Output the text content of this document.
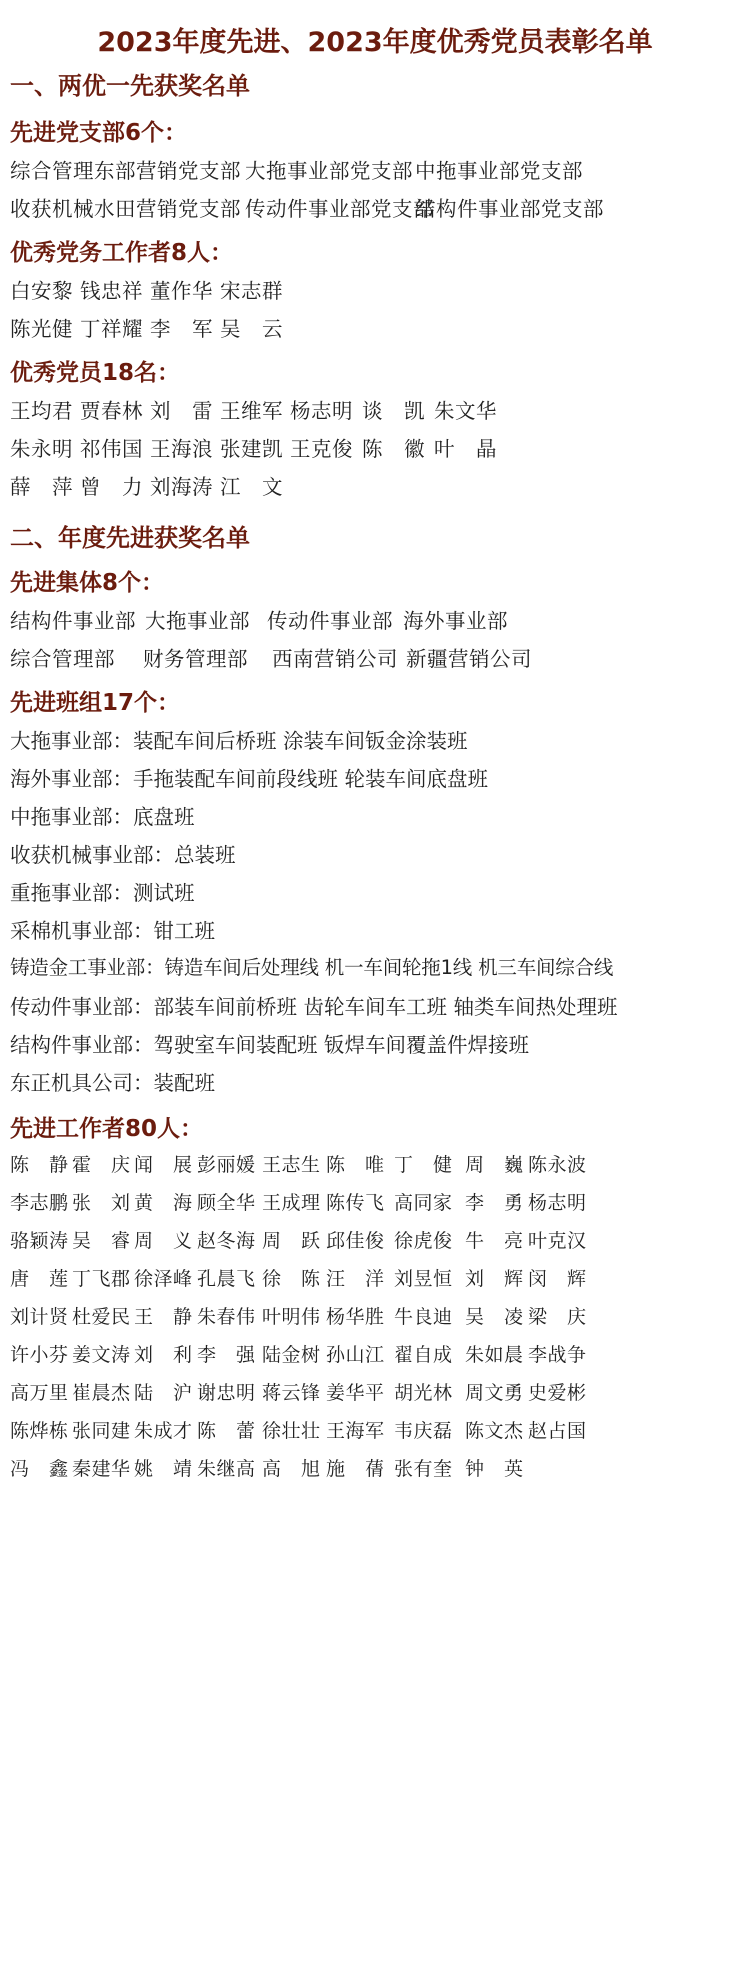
2023年度先进、2023年度优秀党员表彰名单
一、两优一先获奖名单
先进党支部6个：
综合管理东部营销党支部 大拖事业部党支部 中拖事业部党支部
收获机械水田营销党支部 传动件事业部党支部
结构件事业部党支部
优秀党务工作者8人：
白安黎 钱忠祥 董作华 宋志群
陈光健 丁祥耀 李　军 吴　云
优秀党员18名：
王均君 贾春林 刘　雷 王维军 杨志明 谈　凯 朱文华
朱永明 祁伟国 王海浪 张建凯 王克俊 陈　徽 叶　晶
薛　萍 曾　力 刘海涛 江　文
二、年度先进获奖名单
先进集体8个：
结构件事业部 大拖事业部 传动件事业部 海外事业部
综合管理部 财务管理部 西南营销公司 新疆营销公司
先进班组17个：
大拖事业部：装配车间后桥班 涂装车间钣金涂装班
海外事业部：手拖装配车间前段线班 轮装车间底盘班
中拖事业部：底盘班
收获机械事业部：总装班
重拖事业部：测试班
采棉机事业部：钳工班
铸造金工事业部：铸造车间后处理线 机一车间轮拖1线 机三车间综合线
传动件事业部：部装车间前桥班 齿轮车间车工班 轴类车间热处理班
结构件事业部：驾驶室车间装配班 钣焊车间覆盖件焊接班
东正机具公司：装配班
先进工作者80人：
陈　静 霍　庆 闻　展 彭丽媛 王志生 陈　唯 丁　健 周　巍 陈永波
李志鹏 张　刘 黄　海 顾全华 王成理 陈传飞 高同家 李　勇 杨志明
骆颖涛 吴　睿 周　义 赵冬海 周　跃 邱佳俊 徐虎俊 牛　亮 叶克汉
唐　莲 丁飞郡 徐泽峰 孔晨飞 徐　陈 汪　洋 刘昱恒 刘　辉 闵　辉
刘计贤 杜爱民 王　静 朱春伟 叶明伟 杨华胜 牛良迪 吴　凌 梁　庆
许小芬 姜文涛 刘　利 李　强 陆金树 孙山江 翟自成 朱如晨 李战争
高万里 崔晨杰 陆　沪 谢忠明 蒋云锋 姜华平 胡光林 周文勇 史爱彬
陈烨栋 张同建 朱成才 陈　蕾 徐壮壮 王海军 韦庆磊 陈文杰 赵占国
冯　鑫 秦建华 姚　靖 朱继高 高　旭 施　蒨 张有奎 钟　英
